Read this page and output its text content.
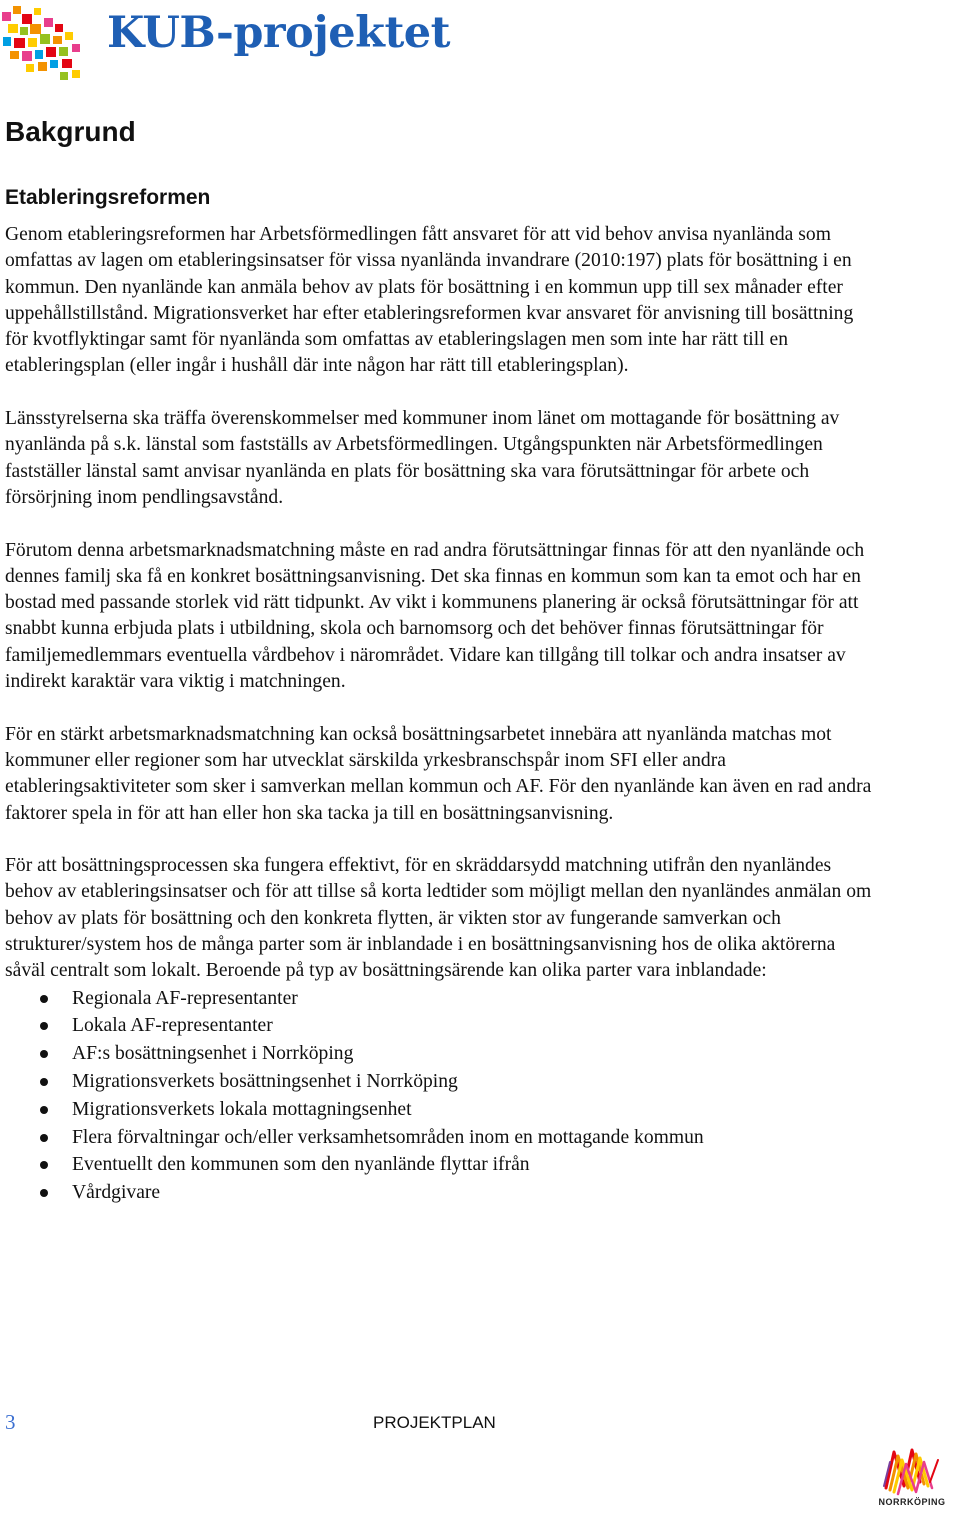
KUB-projektet
Bakgrund
Etableringsreformen

Genom etableringsreformen har Arbetsförmedlingen fått ansvaret för att vid behov anvisa nyanlända som omfattas av lagen om etableringsinsatser för vissa nyanlända invandrare (2010:197) plats för bosättning i en kommun. Den nyanlände kan anmäla behov av plats för bosättning i en kommun upp till sex månader efter uppehållstillstånd. Migrationsverket har efter etableringsreformen kvar ansvaret för anvisning till bosättning för kvotflyktingar samt för nyanlända som omfattas av etableringslagen men som inte har rätt till en etableringsplan (eller ingår i hushåll där inte någon har rätt till etableringsplan).

Länsstyrelserna ska träffa överenskommelser med kommuner inom länet om mottagande för bosättning av nyanlända på s.k. länstal som fastställs av Arbetsförmedlingen. Utgångspunkten när Arbetsförmedlingen fastställer länstal samt anvisar nyanlända en plats för bosättning ska vara förutsättningar för arbete och försörjning inom pendlingsavstånd.

Förutom denna arbetsmarknadsmatchning måste en rad andra förutsättningar finnas för att den nyanlände och dennes familj ska få en konkret bosättningsanvisning. Det ska finnas en kommun som kan ta emot och har en bostad med passande storlek vid rätt tidpunkt. Av vikt i kommunens planering är också förutsättningar för att snabbt kunna erbjuda plats i utbildning, skola och barnomsorg och det behöver finnas förutsättningar för familjemedlemmars eventuella vårdbehov i närområdet. Vidare kan tillgång till tolkar och andra insatser av indirekt karaktär vara viktig i matchningen.

För en stärkt arbetsmarknadsmatchning kan också bosättningsarbetet innebära att nyanlända matchas mot kommuner eller regioner som har utvecklat särskilda yrkesbranschspår inom SFI eller andra etableringsaktiviteter som sker i samverkan mellan kommun och AF. För den nyanlände kan även en rad andra faktorer spela in för att han eller hon ska tacka ja till en bosättningsanvisning.

För att bosättningsprocessen ska fungera effektivt, för en skräddarsydd matchning utifrån den nyanländes behov av etableringsinsatser och för att tillse så korta ledtider som möjligt mellan den nyanländes anmälan om behov av plats för bosättning och den konkreta flytten, är vikten stor av fungerande samverkan och strukturer/system hos de många parter som är inblandade i en bosättningsanvisning hos de olika aktörerna såväl centralt som lokalt. Beroende på typ av bosättningsärende kan olika parter vara inblandade:

Regionala AF-representanter
Lokala AF-representanter
AF:s bosättningsenhet i Norrköping
Migrationsverkets bosättningsenhet i Norrköping
Migrationsverkets lokala mottagningsenhet
Flera förvaltningar och/eller verksamhetsområden inom en mottagande kommun
Eventuellt den kommunen som den nyanlände flyttar ifrån
Vårdgivare
3	PROJEKTPLAN
NORRKÖPING
